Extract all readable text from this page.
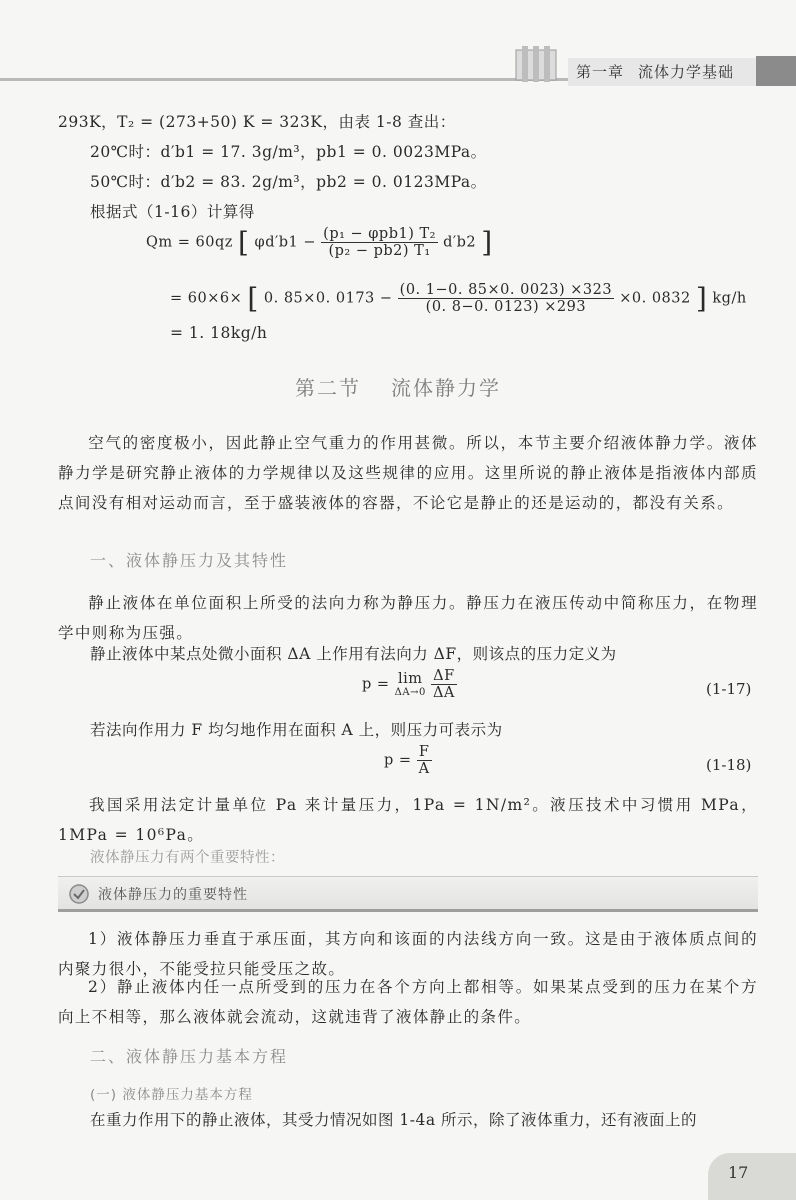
第一章 流体力学基础
293K，T₂ = (273+50) K = 323K，由表 1-8 查出：
20℃时：d′b1 = 17. 3g/m³，pb1 = 0. 0023MPa。
50℃时：d′b2 = 83. 2g/m³，pb2 = 0. 0123MPa。
根据式（1-16）计算得
Qm = 60qz [ $\varphi d'b1 - \frac{\text{(p₁ − φpb1) T₂}}{\text{(p₂ − pb2) T₁}} d'b2$ ]
= 60×6× [ 0. 85×0. $0173 - \frac{(0. 1-0. 85\times 0. 0023) \times 323}{(0. 8-0. 0123) \times 293} \times 0$. 0832 ] kg/h
= 1. 18kg/h
第二节 流体静力学
空气的密度极小，因此静止空气重力的作用甚微。所以，本节主要介绍液体静力学。液体静力学是研究静止液体的力学规律以及这些规律的应用。这里所说的静止液体是指液体内部质点间没有相对运动而言，至于盛装液体的容器，不论它是静止的还是运动的，都没有关系。
一、液体静压力及其特性
静止液体在单位面积上所受的法向力称为静压力。静压力在液压传动中简称压力，在物理学中则称为压强。
静止液体中某点处微小面积 ΔA 上作用有法向力 ΔF，则该点的压力定义为
p = lim
ΔA→0
$\frac{\Delta F}{\Delta A}$	(1-17)
若法向作用力 F 均匀地作用在面积 A 上，则压力可表示为
$p = \frac{F}{A}$	(1-18)
我国采用法定计量单位 Pa 来计量压力，1Pa = 1N/m²。液压技术中习惯用 MPa，1MPa = 10⁶Pa。
液体静压力有两个重要特性：
液体静压力的重要特性
1）液体静压力垂直于承压面，其方向和该面的内法线方向一致。这是由于液体质点间的内聚力很小，不能受拉只能受压之故。
2）静止液体内任一点所受到的压力在各个方向上都相等。如果某点受到的压力在某个方向上不相等，那么液体就会流动，这就违背了液体静止的条件。
二、液体静压力基本方程
(一) 液体静压力基本方程
在重力作用下的静止液体，其受力情况如图 1-4a 所示，除了液体重力，还有液面上的
17
